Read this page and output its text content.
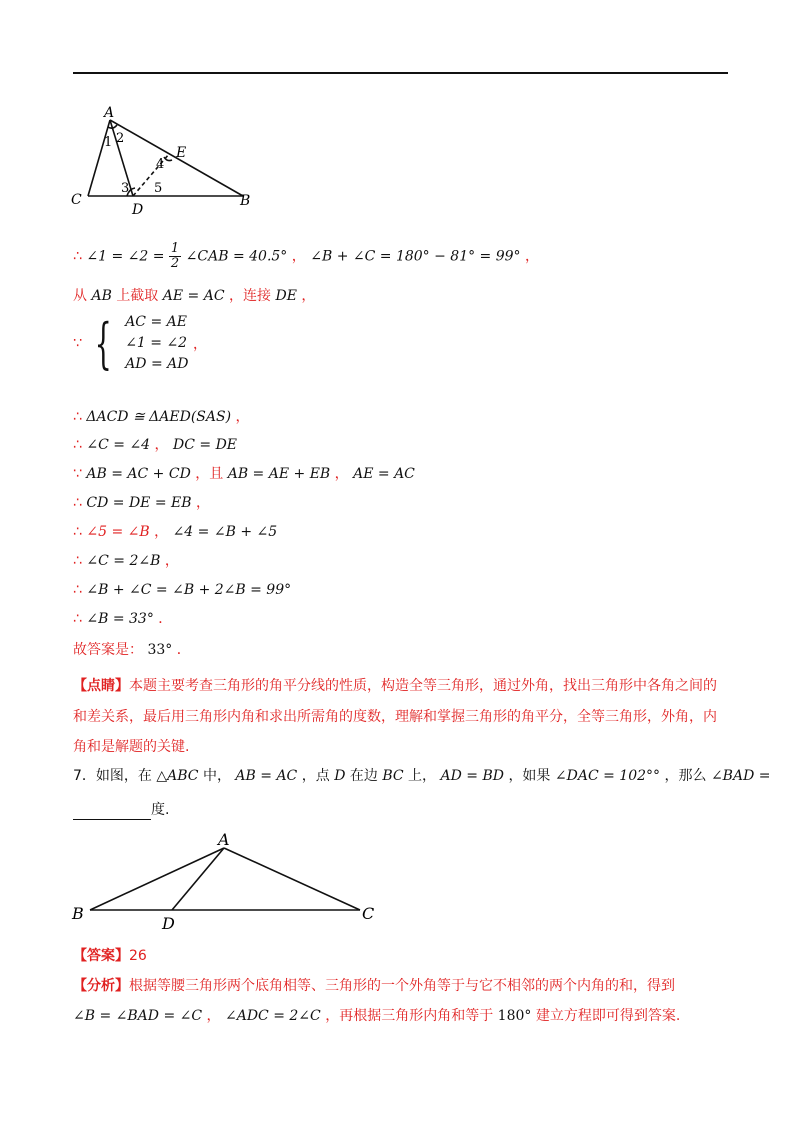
A
C
D
B
E
1 2
3
4
5
∴ ∠1 = ∠2 = $\frac{1}{2}$ ∠CAB = 40.5° ， ∠B + ∠C = 180° − 81° = 99° ，
从 AB 上截取 AE = AC ，连接 DE ，
∵ { AC = AE
∠1 = ∠2
AD = AD
，
∴ ΔACD ≅ ΔAED(SAS) ，
∴ ∠C = ∠4 ， DC = DE
∵ AB = AC + CD ，且 AB = AE + EB ， AE = AC
∴ CD = DE = EB ，
∴ ∠5 = ∠B ， ∠4 = ∠B + ∠5
∴ ∠C = 2∠B ，
∴ ∠B + ∠C = ∠B + 2∠B = 99°
∴ ∠B = 33° ．
故答案是： 33° ．
【点睛】本题主要考查三角形的角平分线的性质，构造全等三角形，通过外角，找出三角形中各角之间的
和差关系，最后用三角形内角和求出所需角的度数，理解和掌握三角形的角平分，全等三角形，外角，内
角和是解题的关键.
7．如图，在 △ABC 中， AB = AC ，点 D 在边 BC 上， AD = BD ，如果 ∠DAC = 102°° ，那么 ∠BAD =
度.
A
B
D
C
【答案】26
【分析】根据等腰三角形两个底角相等、三角形的一个外角等于与它不相邻的两个内角的和，得到
∠B = ∠BAD = ∠C ， ∠ADC = 2∠C ，再根据三角形内角和等于 180° 建立方程即可得到答案.
